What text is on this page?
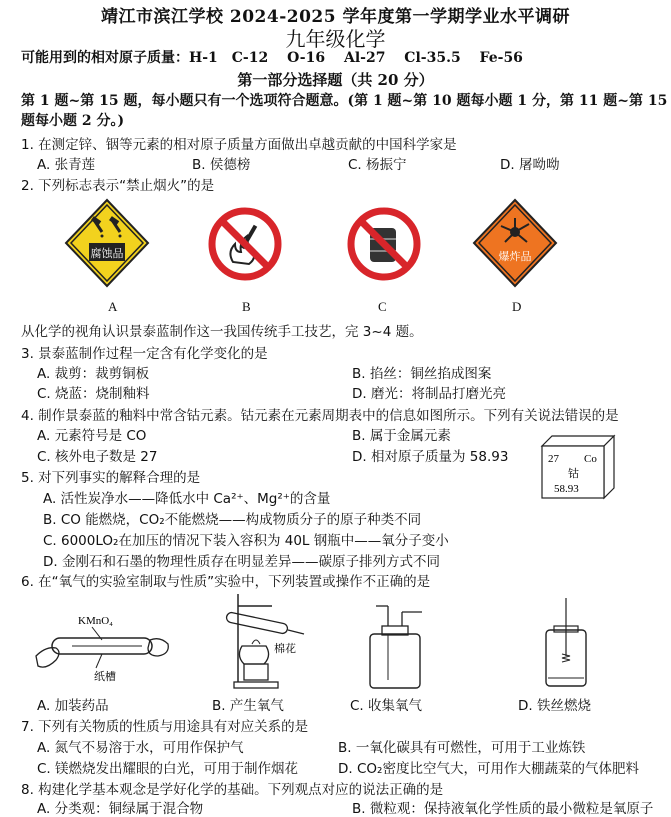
靖江市滨江学校 2024-2025 学年度第一学期学业水平调研
九年级化学
可能用到的相对原子质量：H-1　C-12　 O-16　 Al-27　 Cl-35.5　 Fe-56
第一部分选择题（共 20 分）
第 1 题~第 15 题，每小题只有一个选项符合题意。(第 1 题~第 10 题每小题 1 分，第 11 题~第 15 题每小题 2 分。)
1. 在测定锌、铟等元素的相对原子质量方面做出卓越贡献的中国科学家是
A. 张青莲	B. 侯德榜	C. 杨振宁	D. 屠呦呦
2. 下列标志表示“禁止烟火”的是
腐蚀品	爆炸品
A	B	C	D
从化学的视角认识景泰蓝制作这一我国传统手工技艺，完 3~4 题。
3. 景泰蓝制作过程一定含有化学变化的是
A. 裁剪：裁剪铜板	B. 掐丝：铜丝掐成图案
C. 烧蓝：烧制釉料	D. 磨光：将制品打磨光亮
4. 制作景泰蓝的釉料中常含钴元素。钴元素在元素周期表中的信息如图所示。下列有关说法错误的是
A. 元素符号是 CO	B. 属于金属元素
C. 核外电子数是 27	D. 相对原子质量为 58.93	27 Co
钴
58.93
5. 对下列事实的解释合理的是
A. 活性炭净水——降低水中 Ca²⁺、Mg²⁺的含量
B. CO 能燃烧，CO₂不能燃烧——构成物质分子的原子种类不同
C. 6000LO₂在加压的情况下装入容积为 40L 钢瓶中——氧分子变小
D. 金刚石和石墨的物理性质存在明显差异——碳原子排列方式不同
6. 在“氧气的实验室制取与性质”实验中，下列装置或操作不正确的是
KMnO₄
纸槽
棉花
A. 加装药品	B. 产生氧气	C. 收集氧气	D. 铁丝燃烧
7. 下列有关物质的性质与用途具有对应关系的是
A. 氮气不易溶于水，可用作保护气	B. 一氧化碳具有可燃性，可用于工业炼铁
C. 镁燃烧发出耀眼的白光，可用于制作烟花	D. CO₂密度比空气大，可用作大棚蔬菜的气体肥料
8. 构建化学基本观念是学好化学的基础。下列观点对应的说法正确的是
A. 分类观：铜绿属于混合物	B. 微粒观：保持液氧化学性质的最小微粒是氧原子
